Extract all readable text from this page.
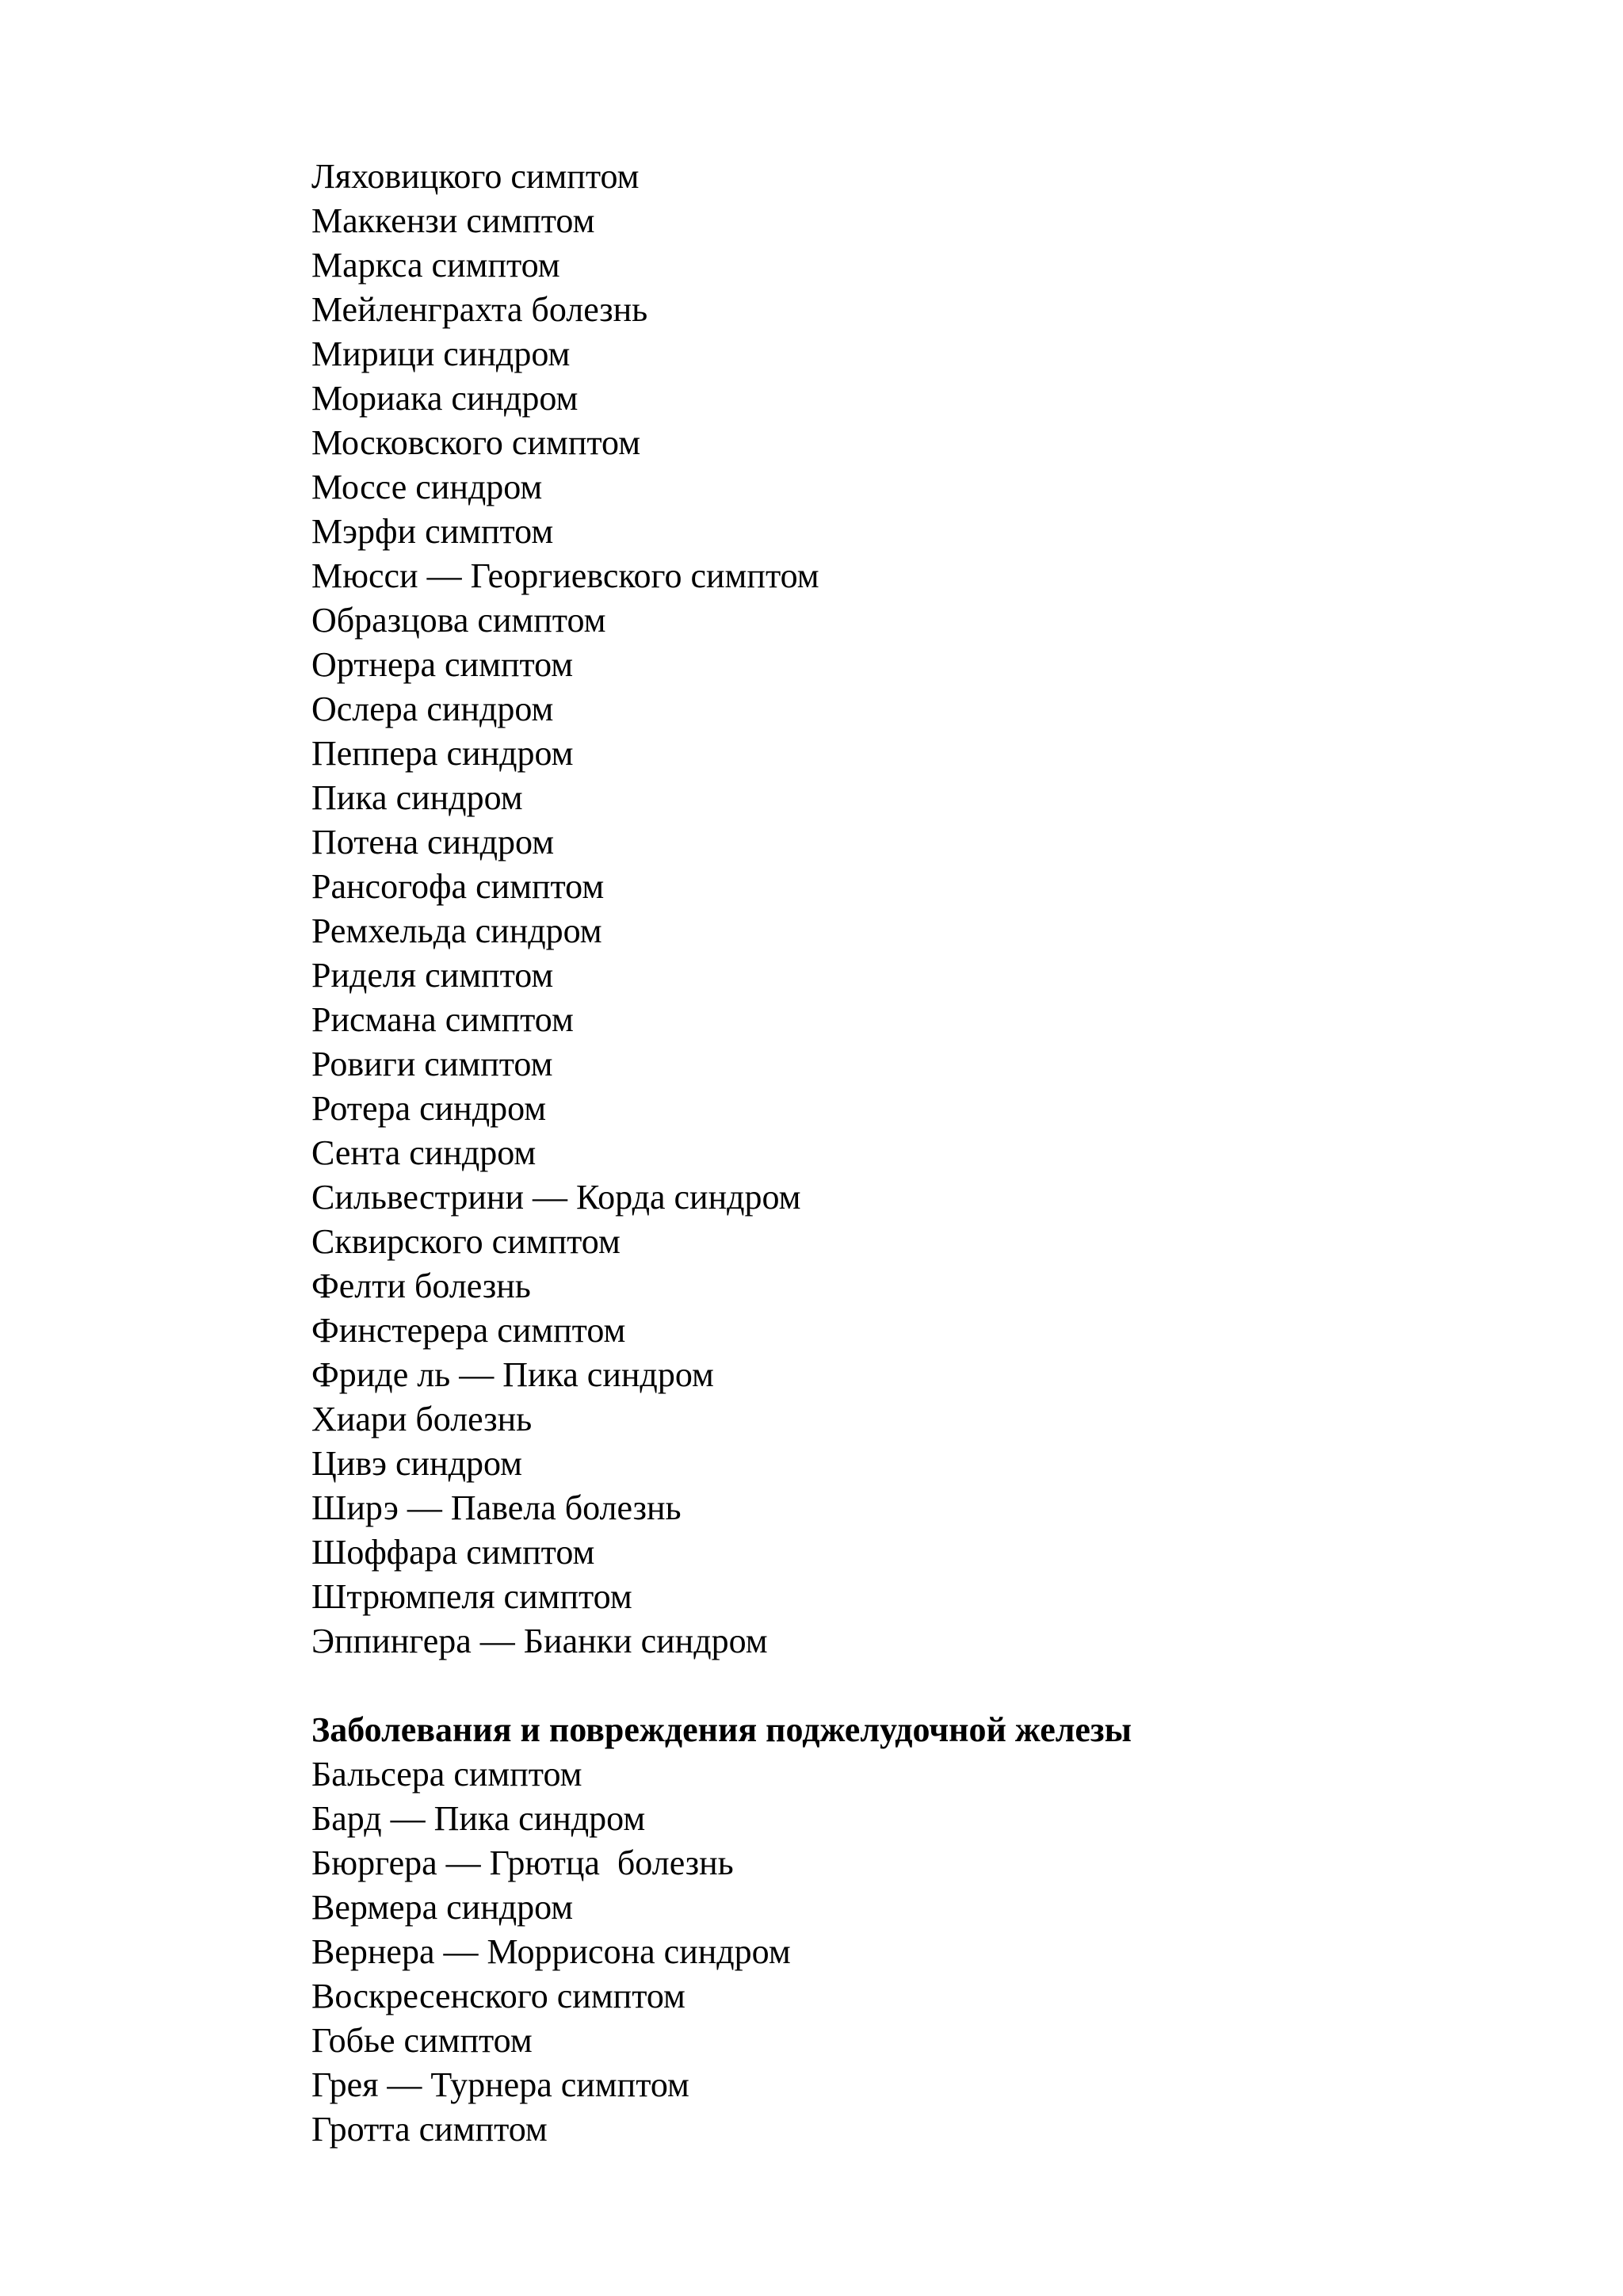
Ляховицкого симптом
Маккензи симптом
Маркса симптом
Мейленграхта болезнь
Мирици синдром
Мориака синдром
Московского симптом
Моссе синдром
Мэрфи симптом
Мюсси — Георгиевского симптом
Образцова симптом
Ортнера симптом
Ослера синдром
Пеппера синдром
Пика синдром
Потена синдром
Рансогофа симптом
Ремхельда синдром
Риделя симптом
Рисмана симптом
Ровиги симптом
Ротера синдром
Сента синдром
Сильвестрини — Корда синдром
Сквирского симптом
Фелти болезнь
Финстерера симптом
Фриде ль — Пика синдром
Хиари болезнь
Цивэ синдром
Ширэ — Павела болезнь
Шоффара симптом
Штрюмпеля симптом
Эппингера — Бианки синдром
Заболевания и повреждения поджелудочной железы
Бальсера симптом
Бард — Пика синдром
Бюргера — Грютца  болезнь
Вермера синдром
Вернера — Моррисона синдром
Воскресенского симптом
Гобье симптом
Грея — Турнера симптом
Гротта симптом
